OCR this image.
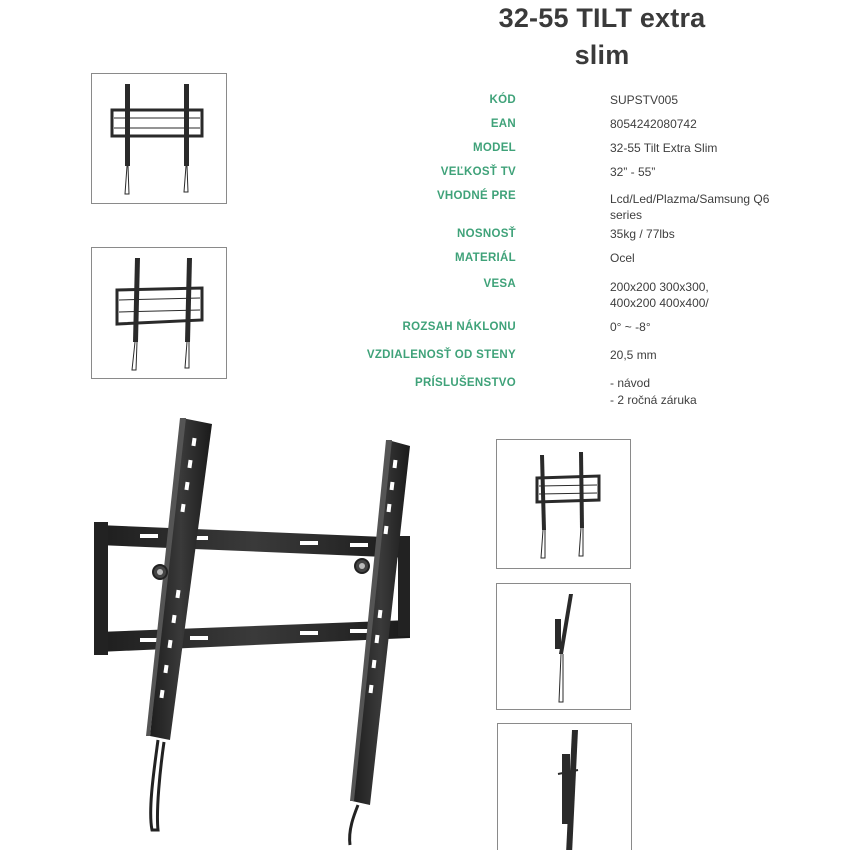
32-55 TILT extra
slim
KÓD	SUPSTV005
EAN	8054242080742
MODEL	32-55 Tilt Extra Slim
VEĽKOSŤ TV	32” - 55”
VHODNÉ PRE	Lcd/Led/Plazma/Samsung Q6
series
NOSNOSŤ	35kg / 77lbs
MATERIÁL	Ocel
VESA	200x200 300x300,
400x200 400x400/
ROZSAH NÁKLONU	0° ~ -8°
VZDIALENOSŤ OD STENY	20,5 mm
PRÍSLUŠENSTVO	- návod
- 2 ročná záruka
